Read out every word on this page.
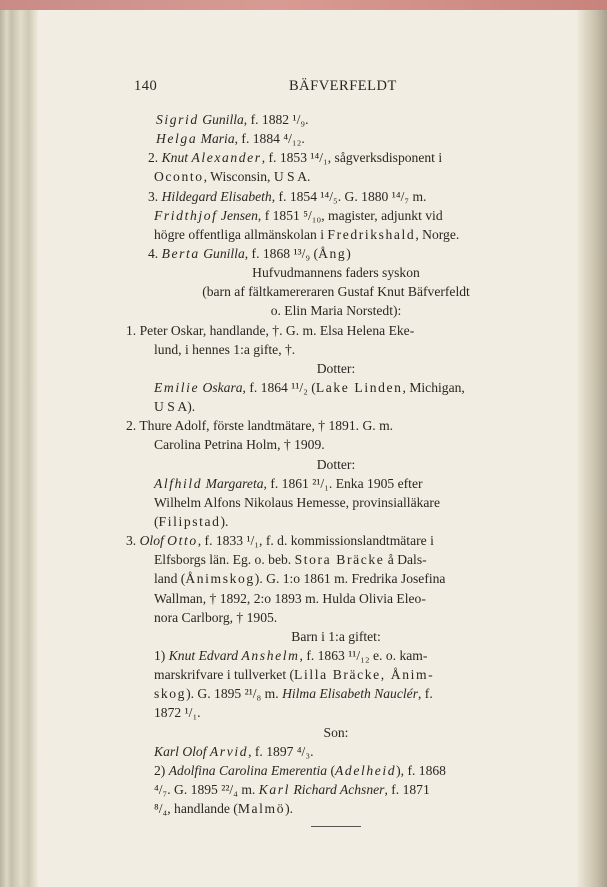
140	BÄFVERFELDT
Sigrid Gunilla, f. 1882 ¹/₉.
Helga Maria, f. 1884 ⁴/₁₂.
2. Knut Alexander, f. 1853 ¹⁴/₁, sågverksdisponent i
Oconto, Wisconsin, U S A.
3. Hildegard Elisabeth, f. 1854 ¹⁴/₅. G. 1880 ¹⁴/₇ m.
Fridthjof Jensen, f 1851 ⁵/₁₀, magister, adjunkt vid
högre offentliga allmänskolan i Fredrikshald, Norge.
4. Berta Gunilla, f. 1868 ¹³/₉ (Ång)
Hufvudmannens faders syskon
(barn af fältkamereraren Gustaf Knut Bäfverfeldt
o. Elin Maria Norstedt):
1. Peter Oskar, handlande, †. G. m. Elsa Helena Eke-
lund, i hennes 1:a gifte, †.
Dotter:
Emilie Oskara, f. 1864 ¹¹/₂ (Lake Linden, Michigan,
U S A).
2. Thure Adolf, förste landtmätare, † 1891. G. m.
Carolina Petrina Holm, † 1909.
Dotter:
Alfhild Margareta, f. 1861 ²¹/₁. Enka 1905 efter
Wilhelm Alfons Nikolaus Hemesse, provinsialläkare
(Filipstad).
3. Olof Otto, f. 1833 ¹/₁, f. d. kommissionslandtmätare i
Elfsborgs län. Eg. o. beb. Stora Bräcke å Dals-
land (Ånimskog). G. 1:o 1861 m. Fredrika Josefina
Wallman, † 1892, 2:o 1893 m. Hulda Olivia Eleo-
nora Carlborg, † 1905.
Barn i 1:a giftet:
1) Knut Edvard Anshelm, f. 1863 ¹¹/₁₂ e. o. kam-
marskrifvare i tullverket (Lilla Bräcke, Ånim-
skog). G. 1895 ²¹/₈ m. Hilma Elisabeth Nauclér, f.
1872 ¹/₁.
Son:
Karl Olof Arvid, f. 1897 ⁴/₃.
2) Adolfina Carolina Emerentia (Adelheid), f. 1868
⁴/₇. G. 1895 ²²/₄ m. Karl Richard Achsner, f. 1871
⁸/₄, handlande (Malmö).
